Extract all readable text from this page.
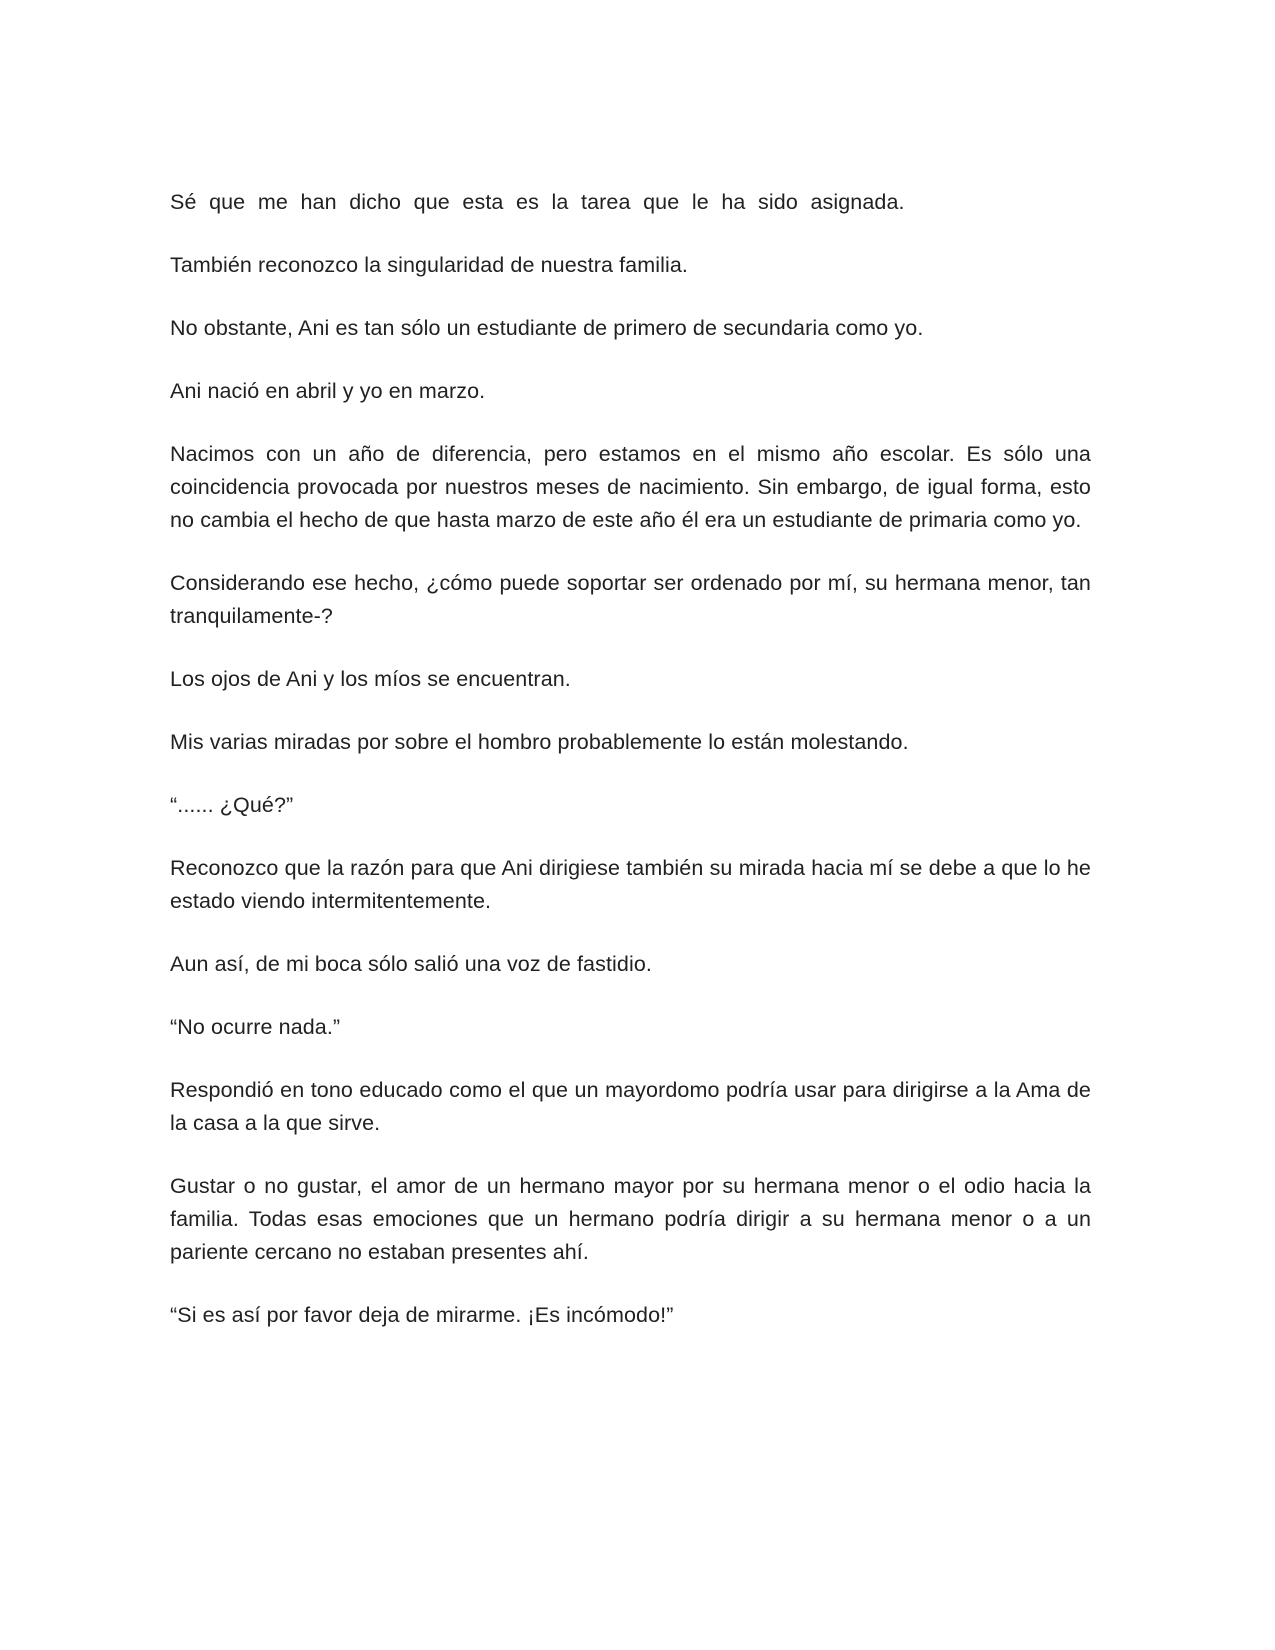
Sé que me han dicho que esta es la tarea que le ha sido asignada.

También reconozco la singularidad de nuestra familia.

No obstante, Ani es tan sólo un estudiante de primero de secundaria como yo.

Ani nació en abril y yo en marzo.

Nacimos con un año de diferencia, pero estamos en el mismo año escolar. Es sólo una coincidencia provocada por nuestros meses de nacimiento. Sin embargo, de igual forma, esto no cambia el hecho de que hasta marzo de este año él era un estudiante de primaria como yo.

Considerando ese hecho, ¿cómo puede soportar ser ordenado por mí, su hermana menor, tan tranquilamente-?

Los ojos de Ani y los míos se encuentran.

Mis varias miradas por sobre el hombro probablemente lo están molestando.

“...... ¿Qué?”

Reconozco que la razón para que Ani dirigiese también su mirada hacia mí se debe a que lo he estado viendo intermitentemente.

Aun así, de mi boca sólo salió una voz de fastidio.

“No ocurre nada.”

Respondió en tono educado como el que un mayordomo podría usar para dirigirse a la Ama de la casa a la que sirve.

Gustar o no gustar, el amor de un hermano mayor por su hermana menor o el odio hacia la familia. Todas esas emociones que un hermano podría dirigir a su hermana menor o a un pariente cercano no estaban presentes ahí.

“Si es así por favor deja de mirarme. ¡Es incómodo!”
